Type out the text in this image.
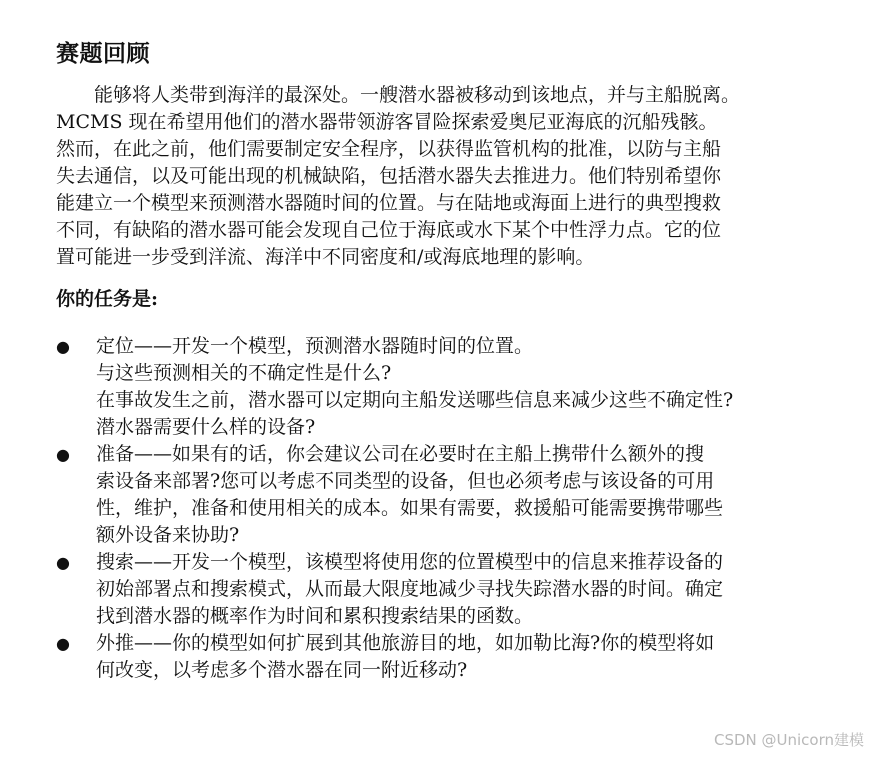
赛题回顾

能够将人类带到海洋的最深处。一艘潜水器被移动到该地点，并与主船脱离。
MCMS 现在希望用他们的潜水器带领游客冒险探索爱奥尼亚海底的沉船残骸。
然而，在此之前，他们需要制定安全程序，以获得监管机构的批准，以防与主船
失去通信，以及可能出现的机械缺陷，包括潜水器失去推进力。他们特别希望你
能建立一个模型来预测潜水器随时间的位置。与在陆地或海面上进行的典型搜救
不同，有缺陷的潜水器可能会发现自己位于海底或水下某个中性浮力点。它的位
置可能进一步受到洋流、海洋中不同密度和/或海底地理的影响。

你的任务是:
●	定位——开发一个模型，预测潜水器随时间的位置。
与这些预测相关的不确定性是什么?
在事故发生之前，潜水器可以定期向主船发送哪些信息来减少这些不确定性?
潜水器需要什么样的设备?
●	准备——如果有的话，你会建议公司在必要时在主船上携带什么额外的搜
索设备来部署?您可以考虑不同类型的设备，但也必须考虑与该设备的可用
性，维护，准备和使用相关的成本。如果有需要，救援船可能需要携带哪些
额外设备来协助?
●	搜索——开发一个模型，该模型将使用您的位置模型中的信息来推荐设备的
初始部署点和搜索模式，从而最大限度地减少寻找失踪潜水器的时间。确定
找到潜水器的概率作为时间和累积搜索结果的函数。
●	外推——你的模型如何扩展到其他旅游目的地，如加勒比海?你的模型将如
何改变，以考虑多个潜水器在同一附近移动?
CSDN @Unicorn建模
